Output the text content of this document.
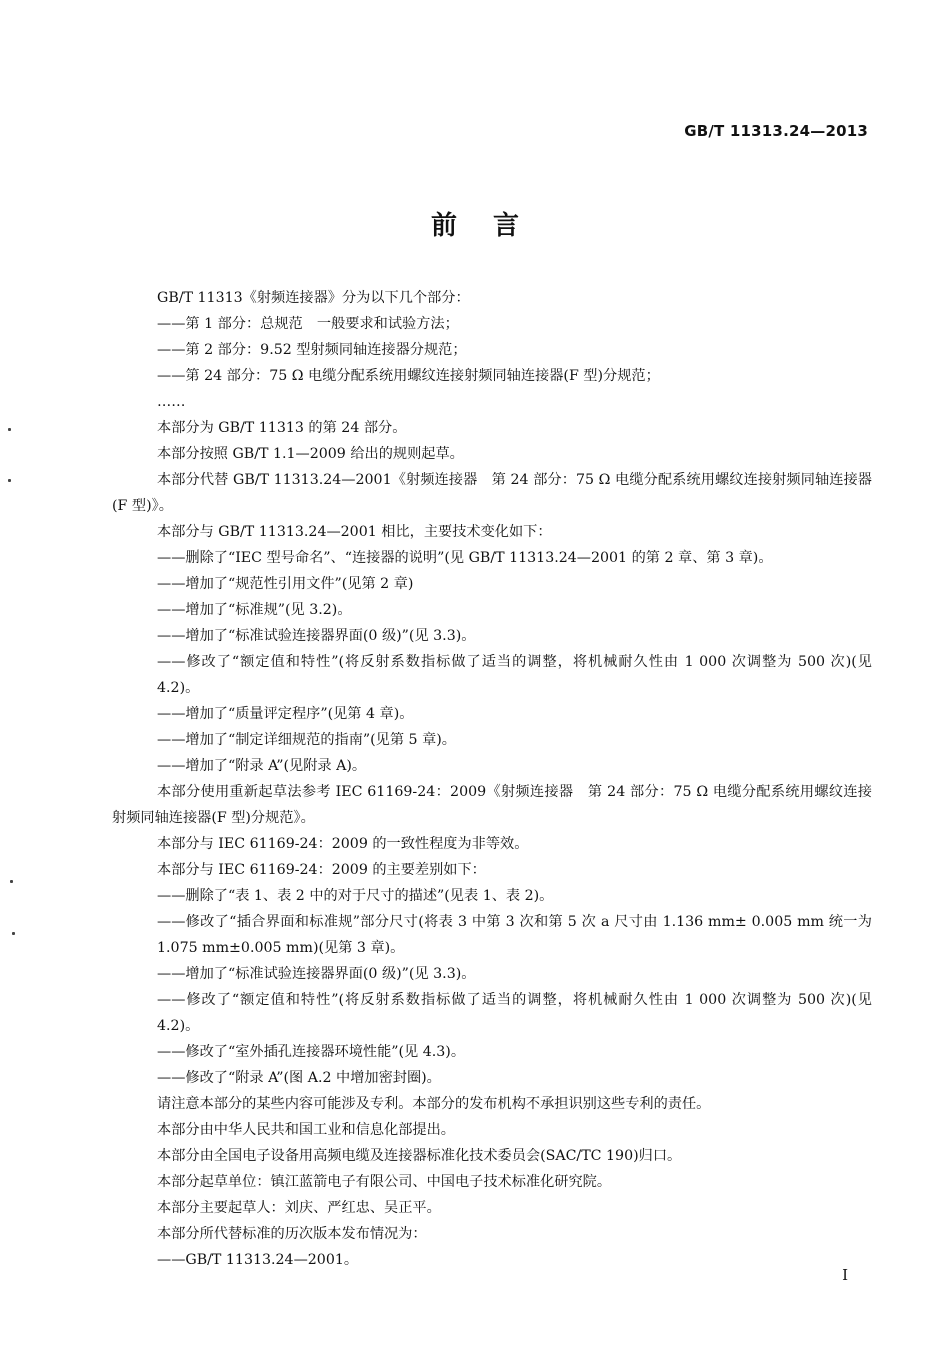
GB/T 11313.24—2013
前言
GB/T 11313《射频连接器》分为以下几个部分：
——第 1 部分：总规范　一般要求和试验方法；
——第 2 部分：9.52 型射频同轴连接器分规范；
——第 24 部分：75 Ω 电缆分配系统用螺纹连接射频同轴连接器(F 型)分规范；
……
本部分为 GB/T 11313 的第 24 部分。
本部分按照 GB/T 1.1—2009 给出的规则起草。
本部分代替 GB/T 11313.24—2001《射频连接器　第 24 部分：75 Ω 电缆分配系统用螺纹连接射频同轴连接器(F 型)》。
本部分与 GB/T 11313.24—2001 相比，主要技术变化如下：
——删除了“IEC 型号命名”、“连接器的说明”(见 GB/T 11313.24—2001 的第 2 章、第 3 章)。
——增加了“规范性引用文件”(见第 2 章)
——增加了“标准规”(见 3.2)。
——增加了“标准试验连接器界面(0 级)”(见 3.3)。
——修改了“额定值和特性”(将反射系数指标做了适当的调整，将机械耐久性由 1 000 次调整为 500 次)(见 4.2)。
——增加了“质量评定程序”(见第 4 章)。
——增加了“制定详细规范的指南”(见第 5 章)。
——增加了“附录 A”(见附录 A)。
本部分使用重新起草法参考 IEC 61169-24：2009《射频连接器　第 24 部分：75 Ω 电缆分配系统用螺纹连接射频同轴连接器(F 型)分规范》。
本部分与 IEC 61169-24：2009 的一致性程度为非等效。
本部分与 IEC 61169-24：2009 的主要差别如下：
——删除了“表 1、表 2 中的对于尺寸的描述”(见表 1、表 2)。
——修改了“插合界面和标准规”部分尺寸(将表 3 中第 3 次和第 5 次 a 尺寸由 1.136 mm± 0.005 mm 统一为 1.075 mm±0.005 mm)(见第 3 章)。
——增加了“标准试验连接器界面(0 级)”(见 3.3)。
——修改了“额定值和特性”(将反射系数指标做了适当的调整，将机械耐久性由 1 000 次调整为 500 次)(见 4.2)。
——修改了“室外插孔连接器环境性能”(见 4.3)。
——修改了“附录 A”(图 A.2 中增加密封圈)。
请注意本部分的某些内容可能涉及专利。本部分的发布机构不承担识别这些专利的责任。
本部分由中华人民共和国工业和信息化部提出。
本部分由全国电子设备用高频电缆及连接器标准化技术委员会(SAC/TC 190)归口。
本部分起草单位：镇江蓝箭电子有限公司、中国电子技术标准化研究院。
本部分主要起草人：刘庆、严红忠、吴正平。
本部分所代替标准的历次版本发布情况为：
——GB/T 11313.24—2001。
I
